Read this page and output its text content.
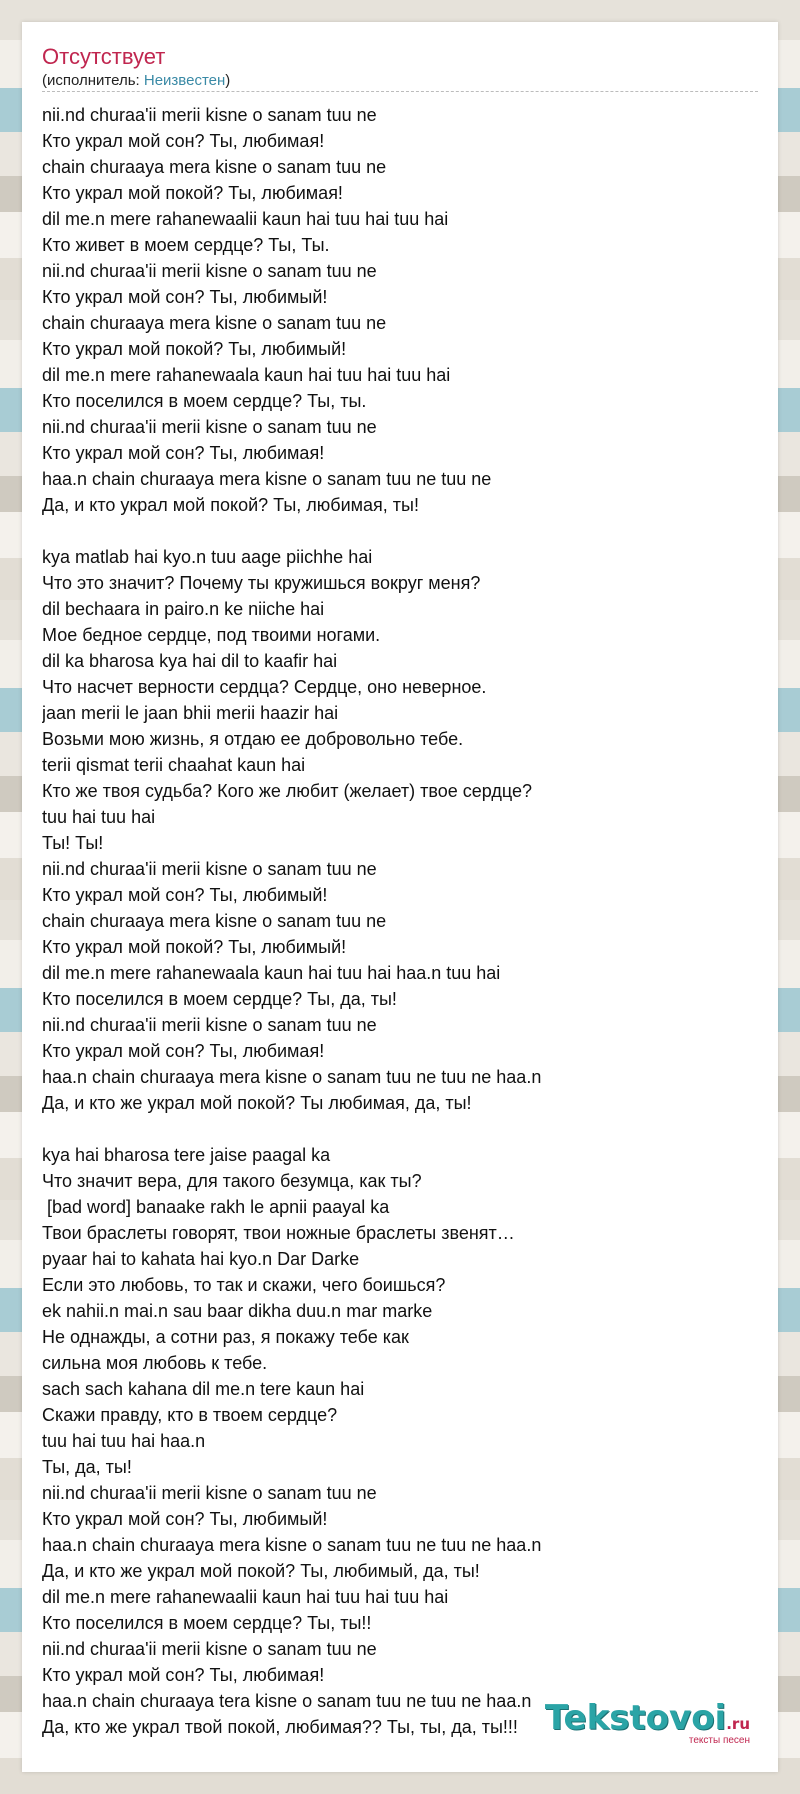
Отсутствует
(исполнитель: Неизвестен)
nii.nd churaa'ii merii kisne o sanam tuu ne
Кто украл мой сон? Ты, любимая!
chain churaaya mera kisne o sanam tuu ne
Кто украл мой покой? Ты, любимая!
dil me.n mere rahanewaalii kaun hai tuu hai tuu hai
Кто живет в моем сердце? Ты, Ты.
nii.nd churaa'ii merii kisne o sanam tuu ne
Кто украл мой сон? Ты, любимый!
chain churaaya mera kisne o sanam tuu ne
Кто украл мой покой? Ты, любимый!
dil me.n mere rahanewaala kaun hai tuu hai tuu hai
Кто поселился в моем сердце? Ты, ты.
nii.nd churaa'ii merii kisne o sanam tuu ne
Кто украл мой сон? Ты, любимая!
haa.n chain churaaya mera kisne o sanam tuu ne tuu ne
Да, и кто украл мой покой? Ты, любимая, ты!
kya matlab hai kyo.n tuu aage piichhe hai
Что это значит? Почему ты кружишься вокруг меня?
dil bechaara in pairo.n ke niiche hai
Мое бедное сердце, под твоими ногами.
dil ka bharosa kya hai dil to kaafir hai
Что насчет верности сердца? Сердце, оно неверное.
jaan merii le jaan bhii merii haazir hai
Возьми мою жизнь, я отдаю ее добровольно тебе.
terii qismat terii chaahat kaun hai
Кто же твоя судьба? Кого же любит (желает) твое сердце?
tuu hai tuu hai
Ты! Ты!
nii.nd churaa'ii merii kisne o sanam tuu ne
Кто украл мой сон? Ты, любимый!
chain churaaya mera kisne o sanam tuu ne
Кто украл мой покой? Ты, любимый!
dil me.n mere rahanewaala kaun hai tuu hai haa.n tuu hai
Кто поселился в моем сердце? Ты, да, ты!
nii.nd churaa'ii merii kisne o sanam tuu ne
Кто украл мой сон? Ты, любимая!
haa.n chain churaaya mera kisne o sanam tuu ne tuu ne haa.n
Да, и кто же украл мой покой? Ты любимая, да, ты!
kya hai bharosa tere jaise paagal ka
Что значит вера, для такого безумца, как ты?
[bad word] banaake rakh le apnii paayal ka
Твои браслеты говорят, твои ножные браслеты звенят…
pyaar hai to kahata hai kyo.n Dar Darke
Если это любовь, то так и скажи, чего боишься?
ek nahii.n mai.n sau baar dikha duu.n mar marke
Не однажды, а сотни раз, я покажу тебе как
сильна моя любовь к тебе.
sach sach kahana dil me.n tere kaun hai
Скажи правду, кто в твоем сердце?
tuu hai tuu hai haa.n
Ты, да, ты!
nii.nd churaa'ii merii kisne o sanam tuu ne
Кто украл мой сон? Ты, любимый!
haa.n chain churaaya mera kisne o sanam tuu ne tuu ne haa.n
Да, и кто же украл мой покой? Ты, любимый, да, ты!
dil me.n mere rahanewaalii kaun hai tuu hai tuu hai
Кто поселился в моем сердце? Ты, ты!!
nii.nd churaa'ii merii kisne o sanam tuu ne
Кто украл мой сон? Ты, любимая!
haa.n chain churaaya tera kisne o sanam tuu ne tuu ne haa.n
Да, кто же украл твой покой, любимая?? Ты, ты, да, ты!!! Tekstovoi.ru
тексты песен
